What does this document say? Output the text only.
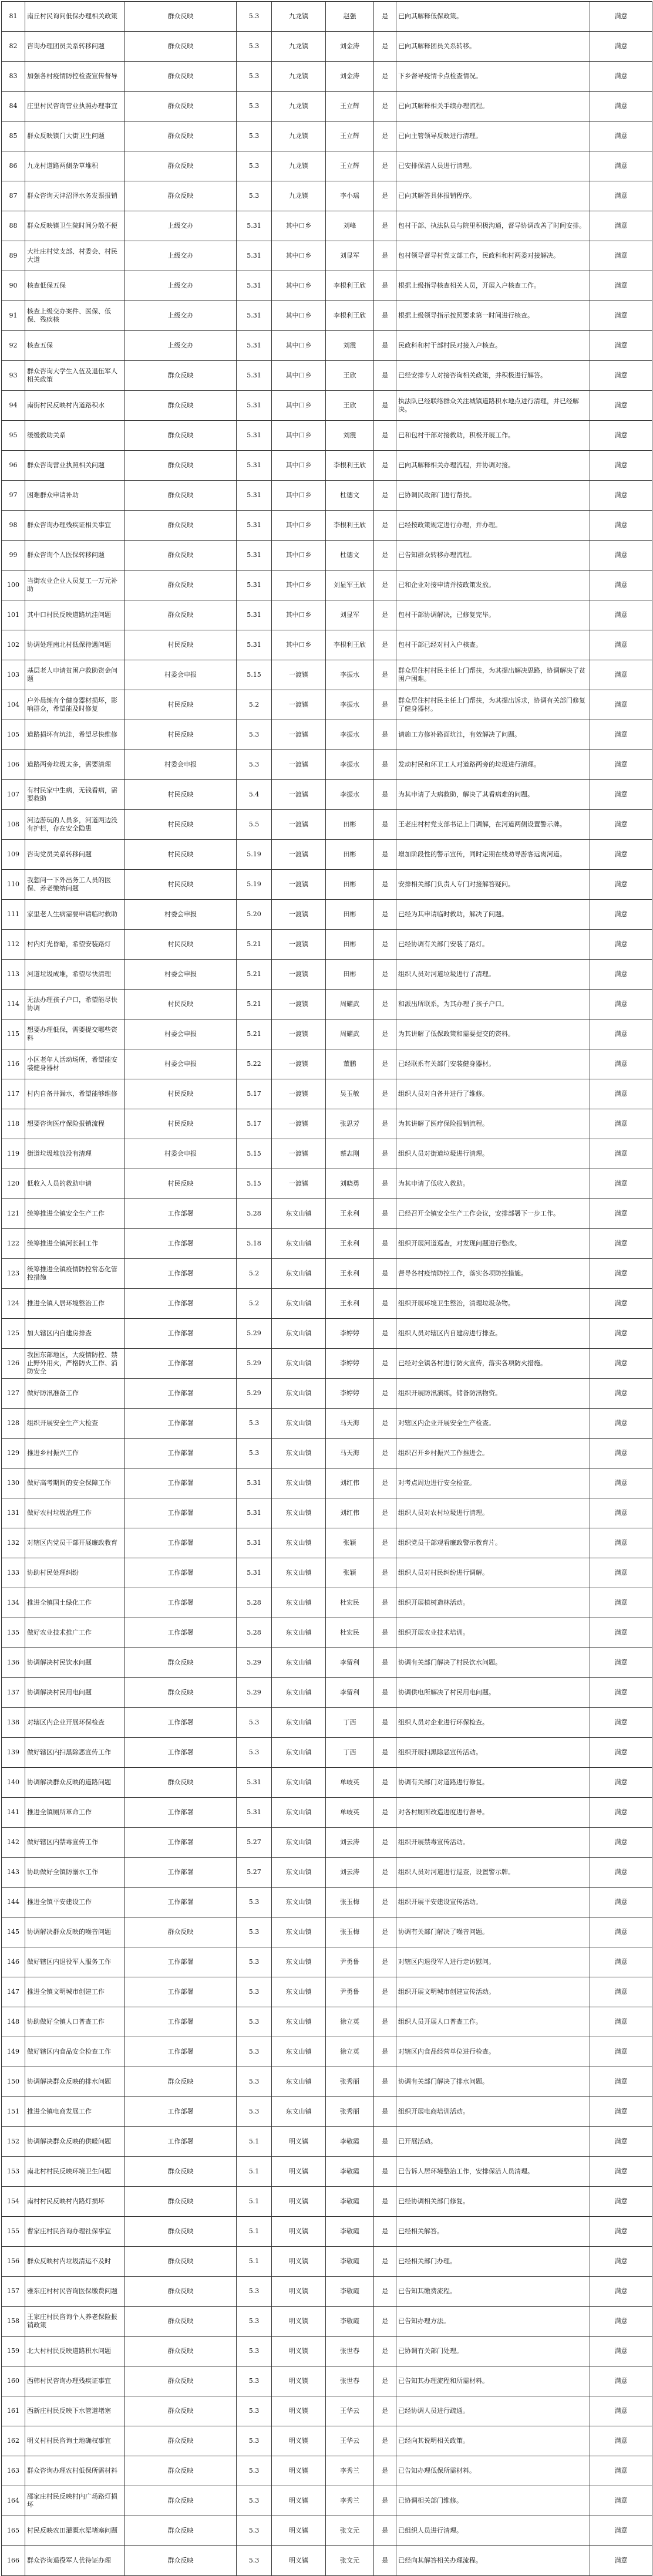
81	南丘村民询问低保办理相关政策	群众反映	5.3	九龙镇	赵强	是	已向其解释低保政策。	满意
82	咨询办理团员关系转移问题	群众反映	5.3	九龙镇	刘金涛	是	已向其解释团员关系转移。	满意
83	加强各村疫情防控检查宣传督导	群众反映	5.3	九龙镇	刘金涛	是	下乡督导疫情卡点检查情况。	满意
84	庄里村民咨询营业执照办理事宜	群众反映	5.3	九龙镇	王立辉	是	已向其解释相关手续办理流程。	满意
85	群众反映镇门大街卫生问题	群众反映	5.3	九龙镇	王立辉	是	已向主管领导反映进行清理。	满意
86	九龙村道路两侧杂草堆积	群众反映	5.3	九龙镇	王立辉	是	已安排保洁人员进行清理。	满意
87	群众咨询天津沼泽水务发票报销	群众反映	5.3	九龙镇	李小瑶	是	已向其解答具体报销程序。	满意
88	群众反映镇卫生院时间分散不便	上级交办	5.31	其中口乡	刘峰	是	包村干部、执法队员与院里积极沟通，督导协调改善了时间安排。	满意
89	大杜庄村党支部、村委会、村民大道	上级交办	5.31	其中口乡	刘显军	是	包村领导督导村党支部工作，民政科和村两委对接解决。	满意
90	核查低保五保	上级交办	5.31	其中口乡	李根利王欣	是	根据上级指导核查相关人员，开展入户核查工作。	满意
91	核查上级交办案件、医保、低保、残疾核	上级交办	5.31	其中口乡	李根利王欣	是	根据上级领导指示按照要求第一时间进行核查。	满意
92	核查五保	上级交办	5.31	其中口乡	刘震	是	民政科和村干部村民对接入户核查。	满意
93	群众咨询大学生入伍及退伍军人相关政策	群众反映	5.31	其中口乡	王欣	是	已经安排专人对接咨询相关政策，并积极进行解答。	满意
94	南街村民反映村内道路积水	群众反映	5.31	其中口乡	王欣	是	执法队已经联络群众关注城镇道路积水地点进行清理，并已经解决。	满意
95	缓缓救助关系	群众反映	5.31	其中口乡	刘震	是	已和包村干部对接救助，积极开展工作。	满意
96	群众咨询营业执照相关问题	群众反映	5.31	其中口乡	李根利王欣	是	已向其解释相关办理流程，并协调对接。	满意
97	困难群众申请补助	群众反映	5.31	其中口乡	杜德文	是	已协调民政部门进行帮扶。	满意
98	群众咨询办理残疾证相关事宜	群众反映	5.31	其中口乡	李根利王欣	是	已经按政策规定进行办理，并办理。	满意
99	群众咨询个人医保转移问题	群众反映	5.31	其中口乡	杜德文	是	已告知群众转移办理流程。	满意
100	当街农业企业人员复工一万元补助	群众反映	5.31	其中口乡	刘显军王欣	是	已和企业对接申请并按政策发放。	满意
101	其中口村民反映道路坑洼问题	群众反映	5.31	其中口乡	刘显军	是	包村干部协调解决，已修复完毕。	满意
102	协调处理南北村低保待遇问题	村民反映	5.31	其中口乡	李根利王欣	是	包村干部已经对村入户核查。	满意
103	基层老人申请贫困户救助资金问题	村委会申报	5.15	一渡镇	李振水	是	群众居住村村民主任上门帮扶，为其提出解决思路，协调解决了贫困户困难。	满意
104	户外晨练有个健身器材损坏，影响群众，希望能及时修复	村民反映	5.2	一渡镇	李振水	是	群众居住村村民主任上门帮扶，为其提出诉求，协调有关部门修复了健身器材。	满意
105	道路损坏有坑洼，希望尽快维修	村民反映	5.3	一渡镇	李振水	是	请施工方修补路面坑洼，有效解决了问题。	满意
106	道路两旁垃圾太多，需要清理	村委会申报	5.3	一渡镇	李振水	是	发动村民和环卫工人对道路两旁的垃圾进行清理。	满意
107	有村民家中生病，无钱看病，需要救助	村民反映	5.4	一渡镇	李振水	是	为其申请了大病救助，解决了其看病难的问题。	满意
108	河边游玩的人员多，河道两边没有护栏，存在安全隐患	村民反映	5.5	一渡镇	田彬	是	王老庄村村党支部书记上门调解，在河道两侧设置警示牌。	满意
109	咨询党员关系转移问题	村民反映	5.19	一渡镇	田彬	是	增加阶段性的警示宣传，同时定期在线劝导游客远离河道。	满意
110	我想问一下外出务工人员的医保、养老缴纳问题	村民反映	5.19	一渡镇	田彬	是	安排相关部门负责人专门对接解答疑问。	满意
111	家里老人生病需要申请临时救助	村委会申报	5.20	一渡镇	田彬	是	已经为其申请临时救助，解决了问题。	满意
112	村内灯光昏暗，希望安装路灯	村民反映	5.21	一渡镇	田彬	是	已经协调有关部门安装了路灯。	满意
113	河道垃圾成堆，希望尽快清理	村委会申报	5.21	一渡镇	田彬	是	组织人员对河道垃圾进行了清理。	满意
114	无法办理孩子户口，希望能尽快协调	村民反映	5.21	一渡镇	周耀武	是	和派出所联系，为其办理了孩子户口。	满意
115	想要办理低保，需要提交哪些资料	村委会申报	5.21	一渡镇	周耀武	是	为其讲解了低保政策和需要提交的资料。	满意
116	小区老年人活动场所，希望能安装健身器材	村委会申报	5.22	一渡镇	董鹏	是	已经联系有关部门安装健身器材。	满意
117	村内自备井漏水，希望能够维修	村民反映	5.17	一渡镇	吴玉敏	是	组织人员对自备井进行了维修。	满意
118	想要咨询医疗保险报销流程	村民反映	5.17	一渡镇	张思芳	是	为其讲解了医疗保险报销流程。	满意
119	街道垃圾堆放没有清理	村委会申报	5.15	一渡镇	蔡志刚	是	组织人员对街道垃圾进行清理。	满意
120	低收入人员的救助申请	村民反映	5.15	一渡镇	刘晓勇	是	为其申请了低收入救助。	满意
121	统筹推进全镇安全生产工作	工作部署	5.28	东文山镇	王永利	是	已经召开全镇安全生产工作会议，安排部署下一步工作。	满意
122	统筹推进全镇河长制工作	工作部署	5.18	东文山镇	王永利	是	组织开展河道巡查，对发现问题进行整改。	满意
123	统筹推进全镇疫情防控常态化管控措施	工作部署	5.2	东文山镇	王永利	是	督导各村疫情防控工作，落实各项防控措施。	满意
124	推进全镇人居环境整治工作	工作部署	5.2	东文山镇	王永利	是	组织开展环境卫生整治，清理垃圾杂物。	满意
125	加大辖区内自建房排查	工作部署	5.29	东文山镇	李婷婷	是	组织人员对辖区内自建房进行排查。	满意
126	我国东部地区，大疫情防控、禁止野外用火，严格防火工作、消防安全	工作部署	5.29	东文山镇	李婷婷	是	已经对全镇各村进行防火宣传，落实各项防火措施。	满意
127	做好防汛准备工作	工作部署	5.29	东文山镇	李婷婷	是	组织开展防汛演练，储备防汛物资。	满意
128	组织开展安全生产大检查	工作部署	5.3	东文山镇	马天海	是	对辖区内企业开展安全生产检查。	满意
129	推进乡村振兴工作	工作部署	5.3	东文山镇	马天海	是	组织召开乡村振兴工作推进会。	满意
130	做好高考期间的安全保障工作	工作部署	5.31	东文山镇	刘红伟	是	对考点周边进行安全检查。	满意
131	做好农村垃圾治理工作	工作部署	5.31	东文山镇	刘红伟	是	组织人员对农村垃圾进行清理。	满意
132	对辖区内党员干部开展廉政教育	工作部署	5.31	东文山镇	张颖	是	组织党员干部观看廉政警示教育片。	满意
133	协助村民处理纠纷	工作部署	5.31	东文山镇	张颖	是	组织人员对村民纠纷进行调解。	满意
134	推进全镇国土绿化工作	工作部署	5.28	东文山镇	杜宏民	是	组织开展植树造林活动。	满意
135	做好农业技术推广工作	工作部署	5.28	东文山镇	杜宏民	是	组织开展农业技术培训。	满意
136	协调解决村民饮水问题	群众反映	5.29	东文山镇	李留利	是	协调有关部门解决了村民饮水问题。	满意
137	协调解决村民用电问题	群众反映	5.29	东文山镇	李留利	是	协调供电所解决了村民用电问题。	满意
138	对辖区内企业开展环保检查	工作部署	5.3	东文山镇	丁西	是	组织人员对企业进行环保检查。	满意
139	做好辖区内扫黑除恶宣传工作	工作部署	5.3	东文山镇	丁西	是	组织开展扫黑除恶宣传活动。	满意
140	协调解决群众反映的道路问题	群众反映	5.31	东文山镇	单岐英	是	协调有关部门对道路进行修复。	满意
141	推进全镇厕所革命工作	工作部署	5.31	东文山镇	单岐英	是	对各村厕所改造进度进行督导。	满意
142	做好辖区内禁毒宣传工作	工作部署	5.27	东文山镇	刘云涛	是	组织开展禁毒宣传活动。	满意
143	协助做好全镇防溺水工作	工作部署	5.27	东文山镇	刘云涛	是	组织人员对河道进行巡查，设置警示牌。	满意
144	推进全镇平安建设工作	工作部署	5.3	东文山镇	张玉梅	是	组织开展平安建设宣传活动。	满意
145	协调解决群众反映的噪音问题	群众反映	5.3	东文山镇	张玉梅	是	协调有关部门解决了噪音问题。	满意
146	做好辖区内退役军人服务工作	工作部署	5.3	东文山镇	尹勇鲁	是	对辖区内退役军人进行走访慰问。	满意
147	推进全镇文明城市创建工作	工作部署	5.3	东文山镇	尹勇鲁	是	组织开展文明城市创建宣传活动。	满意
148	协助做好全镇人口普查工作	工作部署	5.3	东文山镇	徐立英	是	组织人员开展人口普查工作。	满意
149	做好辖区内食品安全检查工作	工作部署	5.3	东文山镇	徐立英	是	对辖区内食品经营单位进行检查。	满意
150	协调解决群众反映的排水问题	群众反映	5.3	东文山镇	张秀丽	是	协调有关部门解决了排水问题。	满意
151	推进全镇电商发展工作	工作部署	5.3	东文山镇	张秀丽	是	组织开展电商培训活动。	满意
152	协调解决群众反映的供暖问题	工作部署	5.1	明义镇	李敬霞	是	已开展活动。	满意
153	南北村村民反映环境卫生问题	群众反映	5.1	明义镇	李敬霞	是	已告诉人居环境整治工作，安排保洁人员清理。	满意
154	南村村民反映村内路灯损坏	群众反映	5.1	明义镇	李敬霞	是	已经协调相关部门修复。	满意
155	曹家庄村民咨询办理社保事宜	群众反映	5.1	明义镇	李敬霞	是	已经相关解答。	满意
156	群众反映村内垃圾清运不及时	群众反映	5.1	明义镇	李敬霞	是	已经相关部门办理。	满意
157	雅东庄村村民咨询医保缴费问题	群众反映	5.3	明义镇	李敬霞	是	已告知其缴费流程。	满意
158	王家庄村民咨询个人养老保险报销政策	群众反映	5.3	明义镇	李敬霞	是	已告知办理方法。	满意
159	北大村村民反映道路积水问题	群众反映	5.3	明义镇	张世春	是	已协调有关部门处理。	满意
160	西韩村民咨询办理残疾证事宜	群众反映	5.3	明义镇	张世春	是	已告知其办理流程和所需材料。	满意
161	西新庄村民反映下水管道堵塞	群众反映	5.3	明义镇	王华云	是	已经协调人员进行疏通。	满意
162	明义村村民咨询土地确权事宜	群众反映	5.3	明义镇	王华云	是	已经向其说明相关政策。	满意
163	群众咨询办理农村低保所需材料	群众反映	5.3	明义镇	李秀兰	是	已告知办理低保所需材料。	满意
164	邵家庄村民反映村内广场路灯损坏	群众反映	5.3	明义镇	李秀兰	是	已协调相关部门维修。	满意
165	村民反映农田灌溉水渠堵塞问题	群众反映	5.3	明义镇	张文元	是	已组织人员进行清理。	满意
166	群众咨询退役军人优待证办理	群众反映	5.3	明义镇	张文元	是	已经向其解答相关办理流程。	满意
